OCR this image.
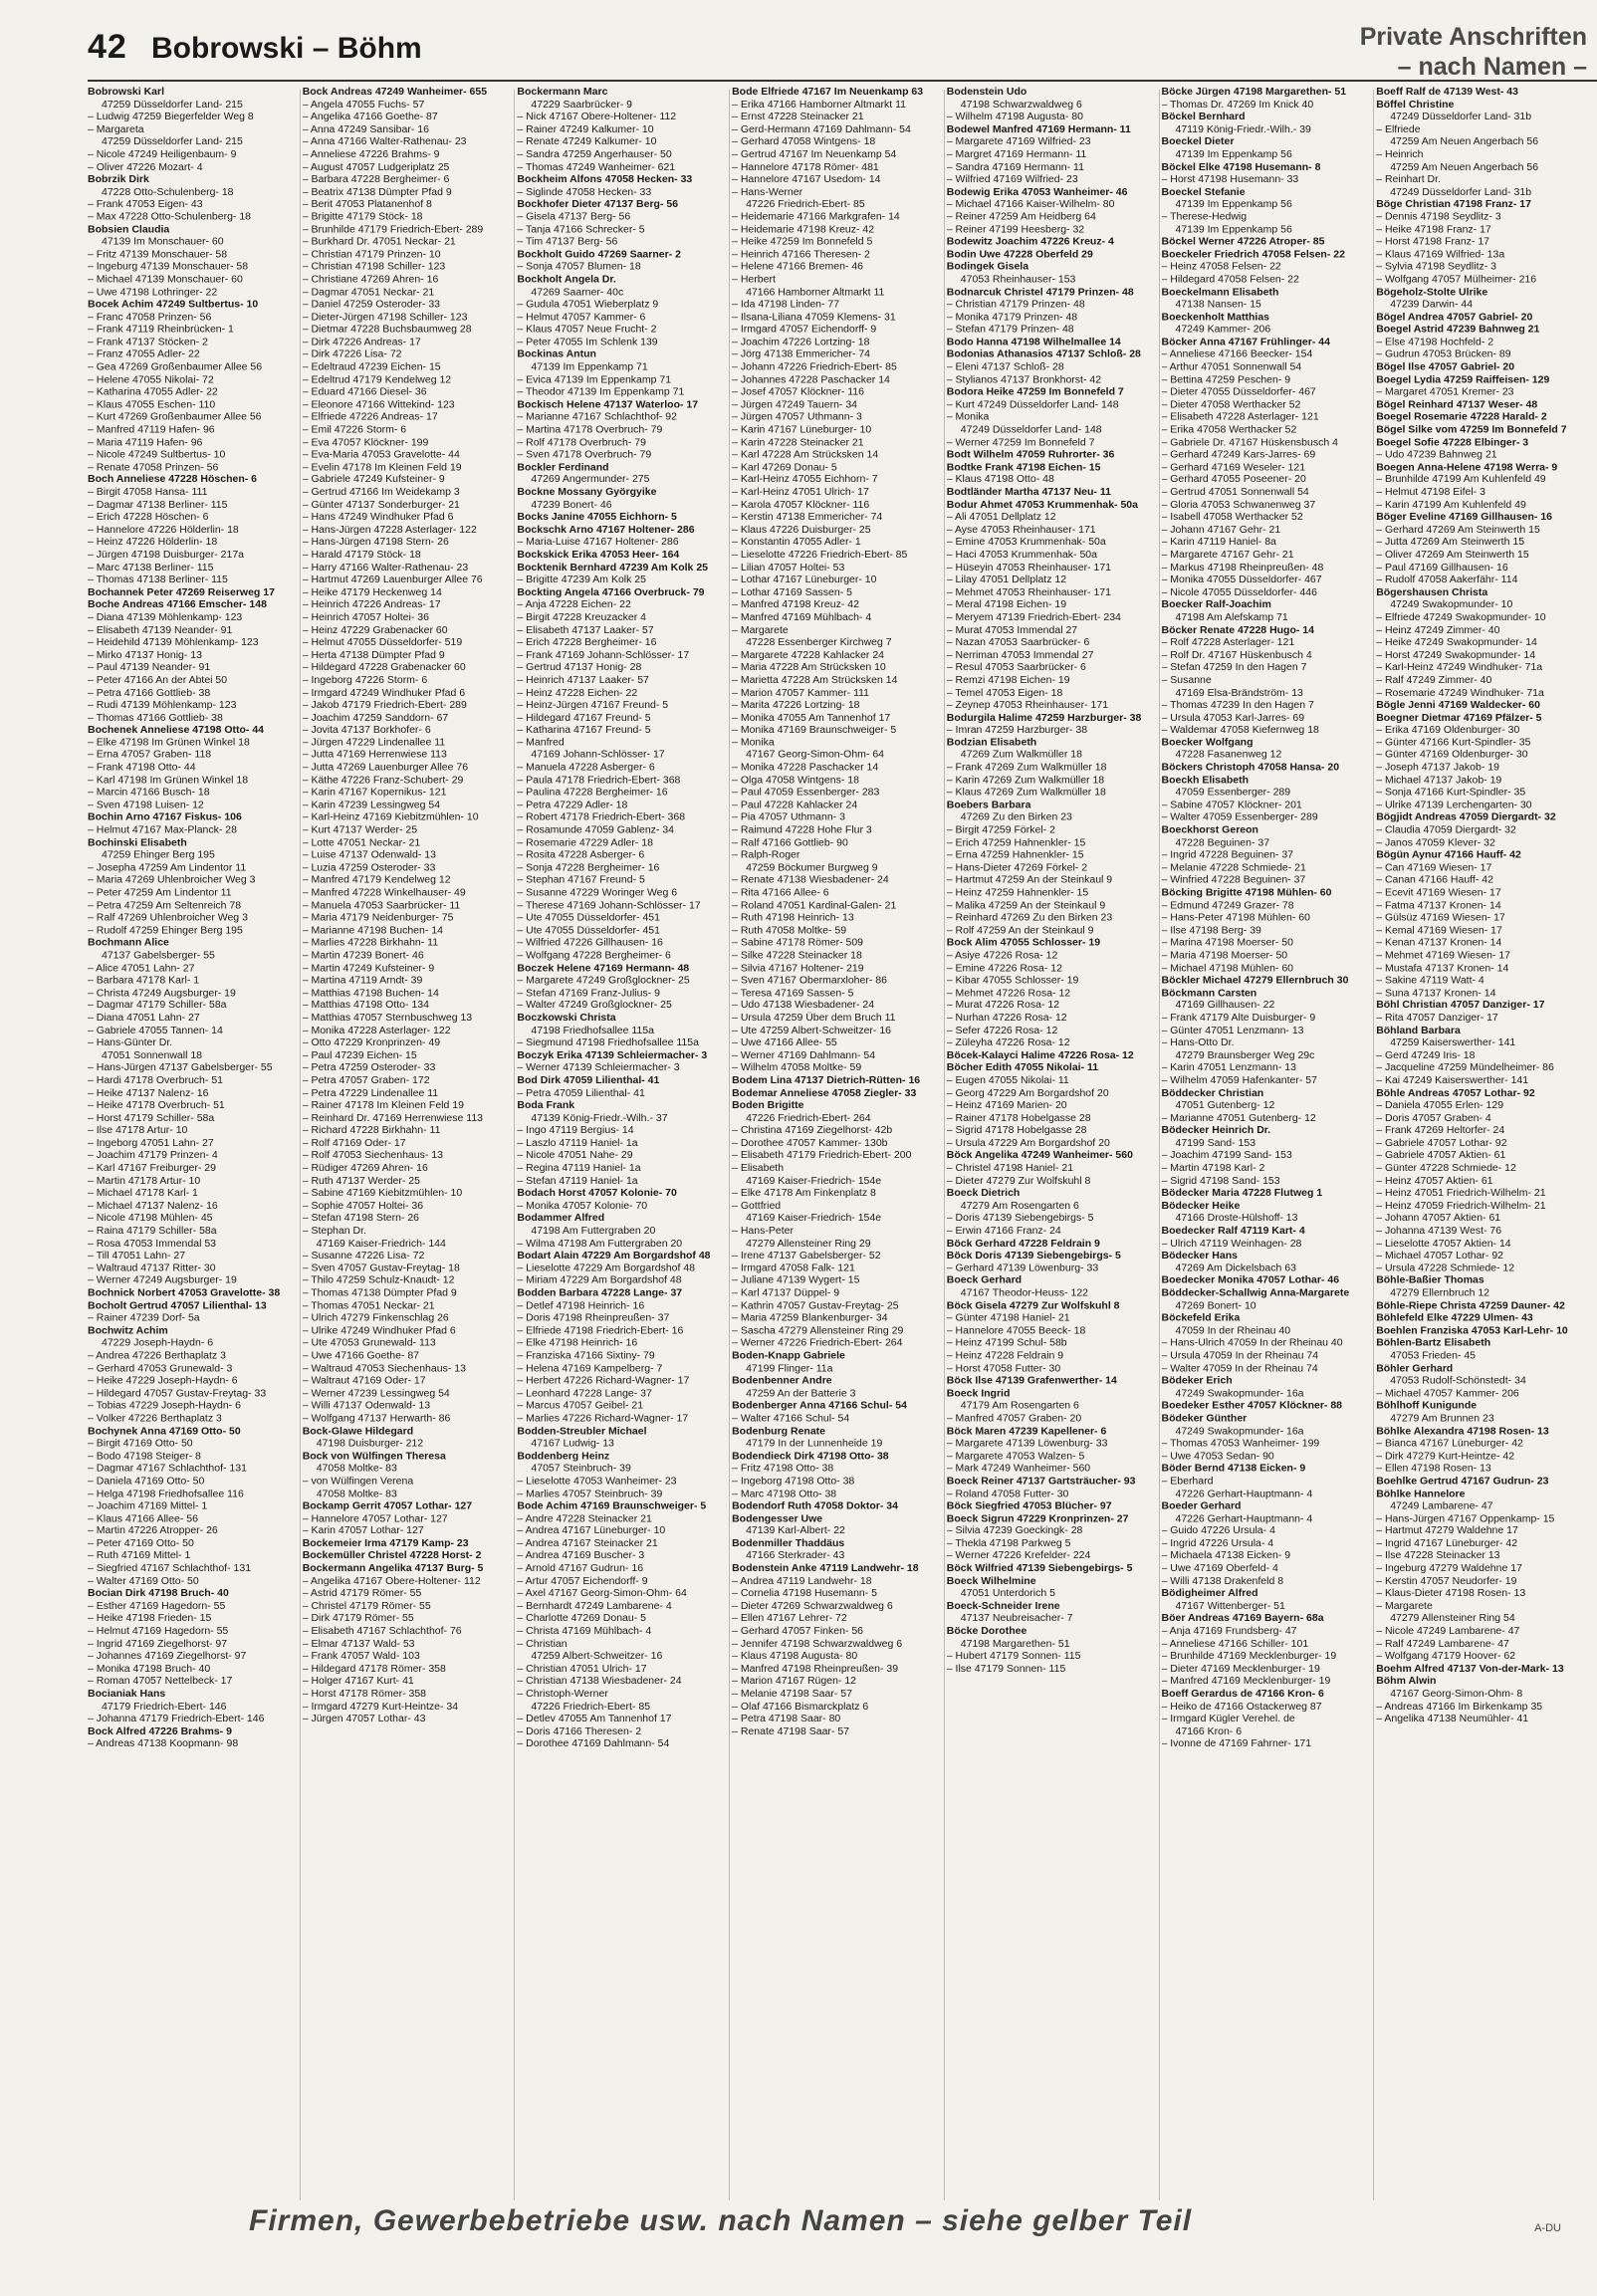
42 Bobrowski – Böhm	Private Anschriften
– nach Namen –
Bobrowski Karl
47259 Düsseldorfer Land- 215
– Ludwig 47259 Biegerfelder Weg 8
– Margareta
47259 Düsseldorfer Land- 215
– Nicole 47249 Heiligenbaum- 9
– Oliver 47226 Mozart- 4
Bobrzik Dirk
47228 Otto-Schulenberg- 18
– Frank 47053 Eigen- 43
– Max 47228 Otto-Schulenberg- 18
Bobsien Claudia
47139 Im Monschauer- 60
– Fritz 47139 Monschauer- 58
– Ingeburg 47139 Monschauer- 58
– Michael 47139 Monschauer- 60
– Uwe 47198 Lothringer- 22
Bocek Achim 47249 Sultbertus- 10
– Franc 47058 Prinzen- 56
– Frank 47119 Rheinbrücken- 1
– Frank 47137 Stöcken- 2
– Franz 47055 Adler- 22
– Gea 47269 Großenbaumer Allee 56
– Helene 47055 Nikolai- 72
– Katharina 47055 Adler- 22
– Klaus 47055 Eschen- 110
– Kurt 47269 Großenbaumer Allee 56
– Manfred 47119 Hafen- 96
– Maria 47119 Hafen- 96
– Nicole 47249 Sultbertus- 10
– Renate 47058 Prinzen- 56
Boch Anneliese 47228 Höschen- 6
– Birgit 47058 Hansa- 111
– Dagmar 47138 Berliner- 115
– Erich 47228 Höschen- 6
– Hannelore 47226 Hölderlin- 18
– Heinz 47226 Hölderlin- 18
– Jürgen 47198 Duisburger- 217a
– Marc 47138 Berliner- 115
– Thomas 47138 Berliner- 115
Bochannek Peter 47269 Reiserweg 17
Boche Andreas 47166 Emscher- 148
– Diana 47139 Möhlenkamp- 123
– Elisabeth 47139 Neander- 91
– Heidehild 47139 Möhlenkamp- 123
– Mirko 47137 Honig- 13
– Paul 47139 Neander- 91
– Peter 47166 An der Abtei 50
– Petra 47166 Gottlieb- 38
– Rudi 47139 Möhlenkamp- 123
– Thomas 47166 Gottlieb- 38
Bochenek Anneliese 47198 Otto- 44
– Elke 47198 Im Grünen Winkel 18
– Erna 47057 Graben- 118
– Frank 47198 Otto- 44
– Karl 47198 Im Grünen Winkel 18
– Marcin 47166 Busch- 18
– Sven 47198 Luisen- 12
Bochin Arno 47167 Fiskus- 106
– Helmut 47167 Max-Planck- 28
Bochinski Elisabeth
47259 Ehinger Berg 195
– Josepha 47259 Am Lindentor 11
– Maria 47269 Uhlenbroicher Weg 3
– Peter 47259 Am Lindentor 11
– Petra 47259 Am Seltenreich 78
– Ralf 47269 Uhlenbroicher Weg 3
– Rudolf 47259 Ehinger Berg 195
Bochmann Alice
47137 Gabelsberger- 55
– Alice 47051 Lahn- 27
– Barbara 47178 Karl- 1
– Christa 47249 Augsburger- 19
– Dagmar 47179 Schiller- 58a
– Diana 47051 Lahn- 27
– Gabriele 47055 Tannen- 14
– Hans-Günter Dr.
47051 Sonnenwall 18
– Hans-Jürgen 47137 Gabelsberger- 55
– Hardi 47178 Overbruch- 51
– Heike 47137 Nalenz- 16
– Heike 47178 Overbruch- 51
– Horst 47179 Schiller- 58a
– Ilse 47178 Artur- 10
– Ingeborg 47051 Lahn- 27
– Joachim 47179 Prinzen- 4
– Karl 47167 Freiburger- 29
– Martin 47178 Artur- 10
– Michael 47178 Karl- 1
– Michael 47137 Nalenz- 16
– Nicole 47198 Mühlen- 45
– Raina 47179 Schiller- 58a
– Rosa 47053 Immendal 53
– Till 47051 Lahn- 27
– Waltraud 47137 Ritter- 30
– Werner 47249 Augsburger- 19
Bochnick Norbert 47053 Gravelotte- 38
Bocholt Gertrud 47057 Lilienthal- 13
– Rainer 47239 Dorf- 5a
Bochwitz Achim
47229 Joseph-Haydn- 6
– Andrea 47226 Berthaplatz 3
– Gerhard 47053 Grunewald- 3
– Heike 47229 Joseph-Haydn- 6
– Hildegard 47057 Gustav-Freytag- 33
– Tobias 47229 Joseph-Haydn- 6
– Volker 47226 Berthaplatz 3
Bochynek Anna 47169 Otto- 50
– Birgit 47169 Otto- 50
– Bodo 47198 Steiger- 8
– Dagmar 47167 Schlachthof- 131
– Daniela 47169 Otto- 50
– Helga 47198 Friedhofsallee 116
– Joachim 47169 Mittel- 1
– Klaus 47166 Allee- 56
– Martin 47226 Atropper- 26
– Peter 47169 Otto- 50
– Ruth 47169 Mittel- 1
– Siegfried 47167 Schlachthof- 131
– Walter 47169 Otto- 50
Bocian Dirk 47198 Bruch- 40
– Esther 47169 Hagedorn- 55
– Heike 47198 Frieden- 15
– Helmut 47169 Hagedorn- 55
– Ingrid 47169 Ziegelhorst- 97
– Johannes 47169 Ziegelhorst- 97
– Monika 47198 Bruch- 40
– Roman 47057 Nettelbeck- 17
Bocianiak Hans
47179 Friedrich-Ebert- 146
– Johanna 47179 Friedrich-Ebert- 146
Bock Alfred 47226 Brahms- 9
– Andreas 47138 Koopmann- 98
Bock Andreas 47249 Wanheimer- 655
– Angela 47055 Fuchs- 57
– Angelika 47166 Goethe- 87
– Anna 47249 Sansibar- 16
– Anna 47166 Walter-Rathenau- 23
– Anneliese 47226 Brahms- 9
– August 47057 Ludgeriplatz 25
– Barbara 47228 Bergheimer- 6
– Beatrix 47138 Dümpter Pfad 9
– Berit 47053 Platanenhof 8
– Brigitte 47179 Stöck- 18
– Brunhilde 47179 Friedrich-Ebert- 289
– Burkhard Dr. 47051 Neckar- 21
– Christian 47179 Prinzen- 10
– Christian 47198 Schiller- 123
– Christiane 47269 Ahren- 16
– Dagmar 47051 Neckar- 21
– Daniel 47259 Osteroder- 33
– Dieter-Jürgen 47198 Schiller- 123
– Dietmar 47228 Buchsbaumweg 28
– Dirk 47226 Andreas- 17
– Dirk 47226 Lisa- 72
– Edeltraud 47239 Eichen- 15
– Edeltrud 47179 Kendelweg 12
– Eduard 47166 Diesel- 36
– Eleonore 47166 Wittekind- 123
– Elfriede 47226 Andreas- 17
– Emil 47226 Storm- 6
– Eva 47057 Klöckner- 199
– Eva-Maria 47053 Gravelotte- 44
– Evelin 47178 Im Kleinen Feld 19
– Gabriele 47249 Kufsteiner- 9
– Gertrud 47166 Im Weidekamp 3
– Günter 47137 Sonderburger- 21
– Hans 47249 Windhuker Pfad 6
– Hans-Jürgen 47228 Asterlager- 122
– Hans-Jürgen 47198 Stern- 26
– Harald 47179 Stöck- 18
– Harry 47166 Walter-Rathenau- 23
– Hartmut 47269 Lauenburger Allee 76
– Heike 47179 Heckenweg 14
– Heinrich 47226 Andreas- 17
– Heinrich 47057 Holtei- 36
– Heinz 47229 Grabenacker 60
– Helmut 47055 Düsseldorfer- 519
– Herta 47138 Dümpter Pfad 9
– Hildegard 47228 Grabenacker 60
– Ingeborg 47226 Storm- 6
– Irmgard 47249 Windhuker Pfad 6
– Jakob 47179 Friedrich-Ebert- 289
– Joachim 47259 Sanddorn- 67
– Jovita 47137 Borkhofer- 6
– Jürgen 47229 Lindenallee 11
– Jutta 47169 Herrenwiese 113
– Jutta 47269 Lauenburger Allee 76
– Käthe 47226 Franz-Schubert- 29
– Karin 47167 Kopernikus- 121
– Karin 47239 Lessingweg 54
– Karl-Heinz 47169 Kiebitzmühlen- 10
– Kurt 47137 Werder- 25
– Lotte 47051 Neckar- 21
– Luise 47137 Odenwald- 13
– Luzia 47259 Osteroder- 33
– Manfred 47179 Kendelweg 12
– Manfred 47228 Winkelhauser- 49
– Manuela 47053 Saarbrücker- 11
– Maria 47179 Neidenburger- 75
– Marianne 47198 Buchen- 14
– Marlies 47228 Birkhahn- 11
– Martin 47239 Bonert- 46
– Martin 47249 Kufsteiner- 9
– Martina 47119 Arndt- 39
– Matthias 47198 Buchen- 14
– Matthias 47198 Otto- 134
– Matthias 47057 Sternbuschweg 13
– Monika 47228 Asterlager- 122
– Otto 47229 Kronprinzen- 49
– Paul 47239 Eichen- 15
– Petra 47259 Osteroder- 33
– Petra 47057 Graben- 172
– Petra 47229 Lindenallee 11
– Rainer 47178 Im Kleinen Feld 19
– Reinhard Dr. 47169 Herrenwiese 113
– Richard 47228 Birkhahn- 11
– Rolf 47169 Oder- 17
– Rolf 47053 Siechenhaus- 13
– Rüdiger 47269 Ahren- 16
– Ruth 47137 Werder- 25
– Sabine 47169 Kiebitzmühlen- 10
– Sophie 47057 Holtei- 36
– Stefan 47198 Stern- 26
– Stephan Dr.
47169 Kaiser-Friedrich- 144
– Susanne 47226 Lisa- 72
– Sven 47057 Gustav-Freytag- 18
– Thilo 47259 Schulz-Knaudt- 12
– Thomas 47138 Dümpter Pfad 9
– Thomas 47051 Neckar- 21
– Ulrich 47279 Finkenschlag 26
– Ulrike 47249 Windhuker Pfad 6
– Ute 47053 Grunewald- 113
– Uwe 47166 Goethe- 87
– Waltraud 47053 Siechenhaus- 13
– Waltraut 47169 Oder- 17
– Werner 47239 Lessingweg 54
– Willi 47137 Odenwald- 13
– Wolfgang 47137 Herwarth- 86
Bock-Glawe Hildegard
47198 Duisburger- 212
Bock von Wülfingen Theresa
47058 Moltke- 83
– von Wülfingen Verena
47058 Moltke- 83
Bockamp Gerrit 47057 Lothar- 127
– Hannelore 47057 Lothar- 127
– Karin 47057 Lothar- 127
Bockemeier Irma 47179 Kamp- 23
Bockemüller Christel 47228 Horst- 2
Bockermann Angelika 47137 Burg- 5
– Angelika 47167 Obere-Holtener- 112
– Astrid 47179 Römer- 55
– Christel 47179 Römer- 55
– Dirk 47179 Römer- 55
– Elisabeth 47167 Schlachthof- 76
– Elmar 47137 Wald- 53
– Frank 47057 Wald- 103
– Hildegard 47178 Römer- 358
– Holger 47167 Kurt- 41
– Horst 47178 Römer- 358
– Irmgard 47279 Kurt-Heintze- 34
– Jürgen 47057 Lothar- 43
Bockermann Marc
47229 Saarbrücker- 9
– Nick 47167 Obere-Holtener- 112
– Rainer 47249 Kalkumer- 10
– Renate 47249 Kalkumer- 10
– Sandra 47259 Angerhauser- 50
– Thomas 47249 Wanheimer- 621
Bockheim Alfons 47058 Hecken- 33
– Siglinde 47058 Hecken- 33
Bockhofer Dieter 47137 Berg- 56
– Gisela 47137 Berg- 56
– Tanja 47166 Schrecker- 5
– Tim 47137 Berg- 56
Bockholt Guido 47269 Saarner- 2
– Sonja 47057 Blumen- 18
Bockholt Angela Dr.
47269 Saarner- 40c
– Gudula 47051 Wieberplatz 9
– Helmut 47057 Kammer- 6
– Klaus 47057 Neue Frucht- 2
– Peter 47055 Im Schlenk 139
Bockinas Antun
47139 Im Eppenkamp 71
– Evica 47139 Im Eppenkamp 71
– Theodor 47139 Im Eppenkamp 71
Bockisch Helene 47137 Waterloo- 17
– Marianne 47167 Schlachthof- 92
– Martina 47178 Overbruch- 79
– Rolf 47178 Overbruch- 79
– Sven 47178 Overbruch- 79
Bockler Ferdinand
47269 Angermunder- 275
Bockne Mossany Györgyike
47239 Bonert- 46
Bocks Janine 47055 Eichhorn- 5
Bockschk Arno 47167 Holtener- 286
– Maria-Luise 47167 Holtener- 286
Bockskick Erika 47053 Heer- 164
Bocktenik Bernhard 47239 Am Kolk 25
– Brigitte 47239 Am Kolk 25
Bockting Angela 47166 Overbruck- 79
– Anja 47228 Eichen- 22
– Birgit 47228 Kreuzacker 4
– Elisabeth 47137 Laaker- 57
– Erich 47228 Bergheimer- 16
– Frank 47169 Johann-Schlösser- 17
– Gertrud 47137 Honig- 28
– Heinrich 47137 Laaker- 57
– Heinz 47228 Eichen- 22
– Heinz-Jürgen 47167 Freund- 5
– Hildegard 47167 Freund- 5
– Katharina 47167 Freund- 5
– Manfred
47169 Johann-Schlösser- 17
– Manuela 47228 Asberger- 6
– Paula 47178 Friedrich-Ebert- 368
– Paulina 47228 Bergheimer- 16
– Petra 47229 Adler- 18
– Robert 47178 Friedrich-Ebert- 368
– Rosamunde 47059 Gablenz- 34
– Rosemarie 47229 Adler- 18
– Rosita 47228 Asberger- 6
– Sonja 47228 Bergheimer- 16
– Stephan 47167 Freund- 5
– Susanne 47229 Woringer Weg 6
– Therese 47169 Johann-Schlösser- 17
– Ute 47055 Düsseldorfer- 451
– Ute 47055 Düsseldorfer- 451
– Wilfried 47226 Gillhausen- 16
– Wolfgang 47228 Bergheimer- 6
Boczek Helene 47169 Hermann- 48
– Margarete 47249 Großglockner- 25
– Stefan 47169 Franz-Julius- 9
– Walter 47249 Großglockner- 25
Boczkowski Christa
47198 Friedhofsallee 115a
– Siegmund 47198 Friedhofsallee 115a
Boczyk Erika 47139 Schleiermacher- 3
– Werner 47139 Schleiermacher- 3
Bod Dirk 47059 Lilienthal- 41
– Petra 47059 Lilienthal- 41
Boda Frank
47139 König-Friedr.-Wilh.- 37
– Ingo 47119 Bergius- 14
– Laszlo 47119 Haniel- 1a
– Nicole 47051 Nahe- 29
– Regina 47119 Haniel- 1a
– Stefan 47119 Haniel- 1a
Bodach Horst 47057 Kolonie- 70
– Monika 47057 Kolonie- 70
Bodammer Alfred
47198 Am Futtergraben 20
– Wilma 47198 Am Futtergraben 20
Bodart Alain 47229 Am Borgardshof 48
– Lieselotte 47229 Am Borgardshof 48
– Miriam 47229 Am Borgardshof 48
Bodden Barbara 47228 Lange- 37
– Detlef 47198 Heinrich- 16
– Doris 47198 Rheinpreußen- 37
– Elfriede 47198 Friedrich-Ebert- 16
– Elke 47198 Heinrich- 16
– Franziska 47166 Sixtiny- 79
– Helena 47169 Kampelberg- 7
– Herbert 47226 Richard-Wagner- 17
– Leonhard 47228 Lange- 37
– Marcus 47057 Geibel- 21
– Marlies 47226 Richard-Wagner- 17
Bodden-Streubler Michael
47167 Ludwig- 13
Boddenberg Heinz
47057 Steinbruch- 39
– Lieselotte 47053 Wanheimer- 23
– Marlies 47057 Steinbruch- 39
Bode Achim 47169 Braunschweiger- 5
– Andre 47228 Steinacker 21
– Andrea 47167 Lüneburger- 10
– Andrea 47167 Steinacker 21
– Andrea 47169 Buscher- 3
– Arnold 47167 Gudrun- 16
– Artur 47057 Eichendorff- 9
– Axel 47167 Georg-Simon-Ohm- 64
– Bernhardt 47249 Lambarene- 4
– Charlotte 47269 Donau- 5
– Christa 47169 Mühlbach- 4
– Christian
47259 Albert-Schweitzer- 16
– Christian 47051 Ulrich- 17
– Christian 47138 Wiesbadener- 24
– Christoph-Werner
47226 Friedrich-Ebert- 85
– Detlev 47055 Am Tannenhof 17
– Doris 47166 Theresen- 2
– Dorothee 47169 Dahlmann- 54
Bode Elfriede 47167 Im Neuenkamp 63
– Erika 47166 Hamborner Altmarkt 11
– Ernst 47228 Steinacker 21
– Gerd-Hermann 47169 Dahlmann- 54
– Gerhard 47058 Wintgens- 18
– Gertrud 47167 Im Neuenkamp 54
– Hannelore 47178 Römer- 481
– Hannelore 47167 Usedom- 14
– Hans-Werner
47226 Friedrich-Ebert- 85
– Heidemarie 47166 Markgrafen- 14
– Heidemarie 47198 Kreuz- 42
– Heike 47259 Im Bonnefeld 5
– Heinrich 47166 Theresen- 2
– Helene 47166 Bremen- 46
– Herbert
47166 Hamborner Altmarkt 11
– Ida 47198 Linden- 77
– Ilsana-Liliana 47059 Klemens- 31
– Irmgard 47057 Eichendorff- 9
– Joachim 47226 Lortzing- 18
– Jörg 47138 Emmericher- 74
– Johann 47226 Friedrich-Ebert- 85
– Johannes 47228 Paschacker 14
– Josef 47057 Klöckner- 116
– Jürgen 47249 Tauern- 34
– Jürgen 47057 Uthmann- 3
– Karin 47167 Lüneburger- 10
– Karin 47228 Steinacker 21
– Karl 47228 Am Strücksken 14
– Karl 47269 Donau- 5
– Karl-Heinz 47055 Eichhorn- 7
– Karl-Heinz 47051 Ulrich- 17
– Karola 47057 Klöckner- 116
– Kerstin 47138 Emmericher- 74
– Klaus 47226 Duisburger- 25
– Konstantin 47055 Adler- 1
– Lieselotte 47226 Friedrich-Ebert- 85
– Lilian 47057 Holtei- 53
– Lothar 47167 Lüneburger- 10
– Lothar 47169 Sassen- 5
– Manfred 47198 Kreuz- 42
– Manfred 47169 Mühlbach- 4
– Margarete
47228 Essenberger Kirchweg 7
– Margarete 47228 Kahlacker 24
– Maria 47228 Am Strücksken 10
– Marietta 47228 Am Strücksken 14
– Marion 47057 Kammer- 111
– Marita 47226 Lortzing- 18
– Monika 47055 Am Tannenhof 17
– Monika 47169 Braunschweiger- 5
– Monika
47167 Georg-Simon-Ohm- 64
– Monika 47228 Paschacker 14
– Olga 47058 Wintgens- 18
– Paul 47059 Essenberger- 283
– Paul 47228 Kahlacker 24
– Pia 47057 Uthmann- 3
– Raimund 47228 Hohe Flur 3
– Ralf 47166 Gottlieb- 90
– Ralph-Roger
47259 Böckumer Burgweg 9
– Renate 47138 Wiesbadener- 24
– Rita 47166 Allee- 6
– Roland 47051 Kardinal-Galen- 21
– Ruth 47198 Heinrich- 13
– Ruth 47058 Moltke- 59
– Sabine 47178 Römer- 509
– Silke 47228 Steinacker 18
– Silvia 47167 Holtener- 219
– Sven 47167 Obermarxloher- 86
– Teresa 47169 Sassen- 5
– Udo 47138 Wiesbadener- 24
– Ursula 47259 Über dem Bruch 11
– Ute 47259 Albert-Schweitzer- 16
– Uwe 47166 Allee- 55
– Werner 47169 Dahlmann- 54
– Wilhelm 47058 Moltke- 59
Bodem Lina 47137 Dietrich-Rütten- 16
Bodemar Anneliese 47058 Ziegler- 33
Boden Brigitte
47226 Friedrich-Ebert- 264
– Christina 47169 Ziegelhorst- 42b
– Dorothee 47057 Kammer- 130b
– Elisabeth 47179 Friedrich-Ebert- 200
– Elisabeth
47169 Kaiser-Friedrich- 154e
– Elke 47178 Am Finkenplatz 8
– Gottfried
47169 Kaiser-Friedrich- 154e
– Hans-Peter
47279 Allensteiner Ring 29
– Irene 47137 Gabelsberger- 52
– Irmgard 47058 Falk- 121
– Juliane 47139 Wygert- 15
– Karl 47137 Düppel- 9
– Kathrin 47057 Gustav-Freytag- 25
– Maria 47259 Blankenburger- 34
– Sascha 47279 Allensteiner Ring 29
– Werner 47226 Friedrich-Ebert- 264
Boden-Knapp Gabriele
47199 Flinger- 11a
Bodenbenner Andre
47259 An der Batterie 3
Bodenberger Anna 47166 Schul- 54
– Walter 47166 Schul- 54
Bodenburg Renate
47179 In der Lunnenheide 19
Bodendieck Dirk 47198 Otto- 38
– Fritz 47198 Otto- 38
– Ingeborg 47198 Otto- 38
– Marc 47198 Otto- 38
Bodendorf Ruth 47058 Doktor- 34
Bodengesser Uwe
47139 Karl-Albert- 22
Bodenmiller Thaddäus
47166 Sterkrader- 43
Bodenstein Anke 47119 Landwehr- 18
– Andrea 47119 Landwehr- 18
– Cornelia 47198 Husemann- 5
– Dieter 47269 Schwarzwaldweg 6
– Ellen 47167 Lehrer- 72
– Gerhard 47057 Finken- 56
– Jennifer 47198 Schwarzwaldweg 6
– Klaus 47198 Augusta- 80
– Manfred 47198 Rheinpreußen- 39
– Marion 47167 Rügen- 12
– Melanie 47198 Saar- 57
– Olaf 47166 Bismarckplatz 6
– Petra 47198 Saar- 80
– Renate 47198 Saar- 57
Bodenstein Udo
47198 Schwarzwaldweg 6
– Wilhelm 47198 Augusta- 80
Bodewel Manfred 47169 Hermann- 11
– Margarete 47169 Wilfried- 23
– Margret 47169 Hermann- 11
– Sandra 47169 Hermann- 11
– Wilfried 47169 Wilfried- 23
Bodewig Erika 47053 Wanheimer- 46
– Michael 47166 Kaiser-Wilhelm- 80
– Reiner 47259 Am Heidberg 64
– Reiner 47199 Heesberg- 32
Bodewitz Joachim 47226 Kreuz- 4
Bodin Uwe 47228 Oberfeld 29
Bodingek Gisela
47053 Rheinhauser- 153
Bodnarcuk Christel 47179 Prinzen- 48
– Christian 47179 Prinzen- 48
– Monika 47179 Prinzen- 48
– Stefan 47179 Prinzen- 48
Bodo Hanna 47198 Wilhelmallee 14
Bodonias Athanasios 47137 Schloß- 28
– Eleni 47137 Schloß- 28
– Stylianos 47137 Bronkhorst- 42
Bodora Heike 47259 Im Bonnefeld 7
– Kurt 47249 Düsseldorfer Land- 148
– Monika
47249 Düsseldorfer Land- 148
– Werner 47259 Im Bonnefeld 7
Bodt Wilhelm 47059 Ruhrorter- 36
Bodtke Frank 47198 Eichen- 15
– Klaus 47198 Otto- 48
Bodtländer Martha 47137 Neu- 11
Bodur Ahmet 47053 Krummenhak- 50a
– Ali 47051 Dellplatz 12
– Ayse 47053 Rheinhauser- 171
– Emine 47053 Krummenhak- 50a
– Haci 47053 Krummenhak- 50a
– Hüseyin 47053 Rheinhauser- 171
– Lilay 47051 Dellplatz 12
– Mehmet 47053 Rheinhauser- 171
– Meral 47198 Eichen- 19
– Meryem 47139 Friedrich-Ebert- 234
– Murat 47053 Immendal 27
– Nazan 47053 Saarbrücker- 6
– Nerriman 47053 Immendal 27
– Resul 47053 Saarbrücker- 6
– Remzi 47198 Eichen- 19
– Temel 47053 Eigen- 18
– Zeynep 47053 Rheinhauser- 171
Bodurgila Halime 47259 Harzburger- 38
– Imran 47259 Harzburger- 38
Bodzian Elisabeth
47269 Zum Walkmüller 18
– Frank 47269 Zum Walkmüller 18
– Karin 47269 Zum Walkmüller 18
– Klaus 47269 Zum Walkmüller 18
Boebers Barbara
47269 Zu den Birken 23
– Birgit 47259 Förkel- 2
– Erich 47259 Hahnenkler- 15
– Erna 47259 Hahnenkler- 15
– Hans-Dieter 47269 Förkel- 2
– Hartmut 47259 An der Steinkaul 9
– Heinz 47259 Hahnenkler- 15
– Malika 47259 An der Steinkaul 9
– Reinhard 47269 Zu den Birken 23
– Rolf 47259 An der Steinkaul 9
Bock Alim 47055 Schlosser- 19
– Asiye 47226 Rosa- 12
– Emine 47226 Rosa- 12
– Kibar 47055 Schlosser- 19
– Mehmet 47226 Rosa- 12
– Murat 47226 Rosa- 12
– Nurhan 47226 Rosa- 12
– Sefer 47226 Rosa- 12
– Züleyha 47226 Rosa- 12
Böcek-Kalayci Halime 47226 Rosa- 12
Böcher Edith 47055 Nikolai- 11
– Eugen 47055 Nikolai- 11
– Georg 47229 Am Borgardshof 20
– Heinz 47169 Marien- 20
– Rainer 47178 Hobelgasse 28
– Sigrid 47178 Hobelgasse 28
– Ursula 47229 Am Borgardshof 20
Böck Angelika 47249 Wanheimer- 560
– Christel 47198 Haniel- 21
– Dieter 47279 Zur Wolfskuhl 8
Boeck Dietrich
47279 Am Rosengarten 6
– Doris 47139 Siebengebirgs- 5
– Erwin 47166 Franz- 24
Böck Gerhard 47228 Feldrain 9
Böck Doris 47139 Siebengebirgs- 5
– Gerhard 47139 Löwenburg- 33
Boeck Gerhard
47167 Theodor-Heuss- 122
Böck Gisela 47279 Zur Wolfskuhl 8
– Günter 47198 Haniel- 21
– Hannelore 47055 Beeck- 18
– Heinz 47199 Schul- 58b
– Heinz 47228 Feldrain 9
– Horst 47058 Futter- 30
Böck Ilse 47139 Grafenwerther- 14
Boeck Ingrid
47179 Am Rosengarten 6
– Manfred 47057 Graben- 20
Böck Maren 47239 Kapellener- 6
– Margarete 47139 Löwenburg- 33
– Margarete 47053 Walzen- 5
– Mark 47249 Wanheimer- 560
Boeck Reiner 47137 Gartsträucher- 93
– Roland 47058 Futter- 30
Böck Siegfried 47053 Blücher- 97
Boeck Sigrun 47229 Kronprinzen- 27
– Silvia 47239 Goeckingk- 28
– Thekla 47198 Parkweg 5
– Werner 47226 Krefelder- 224
Böck Wilfried 47139 Siebengebirgs- 5
Boeck Wilhelmine
47051 Unterdorich 5
Boeck-Schneider Irene
47137 Neubreisacher- 7
Böcke Dorothee
47198 Margarethen- 51
– Hubert 47179 Sonnen- 115
– Ilse 47179 Sonnen- 115
Böcke Jürgen 47198 Margarethen- 51
– Thomas Dr. 47269 Im Knick 40
Böckel Bernhard
47119 König-Friedr.-Wilh.- 39
Boeckel Dieter
47139 Im Eppenkamp 56
Böckel Elke 47198 Husemann- 8
– Horst 47198 Husemann- 33
Boeckel Stefanie
47139 Im Eppenkamp 56
– Therese-Hedwig
47139 Im Eppenkamp 56
Böckel Werner 47226 Atroper- 85
Boeckeler Friedrich 47058 Felsen- 22
– Heinz 47058 Felsen- 22
– Hildegard 47058 Felsen- 22
Boeckelmann Elisabeth
47138 Nansen- 15
Boeckenholt Matthias
47249 Kammer- 206
Böcker Anna 47167 Frühlinger- 44
– Anneliese 47166 Beecker- 154
– Arthur 47051 Sonnenwall 54
– Bettina 47259 Peschen- 9
– Dieter 47055 Düsseldorfer- 467
– Dieter 47058 Werthacker 52
– Elisabeth 47228 Asterlager- 121
– Erika 47058 Werthacker 52
– Gabriele Dr. 47167 Hüskensbusch 4
– Gerhard 47249 Kars-Jarres- 69
– Gerhard 47169 Weseler- 121
– Gerhard 47055 Poseener- 20
– Gertrud 47051 Sonnenwall 54
– Gloria 47053 Schwanenweg 37
– Isabell 47058 Werthacker 52
– Johann 47167 Gehr- 21
– Karin 47119 Haniel- 8a
– Margarete 47167 Gehr- 21
– Markus 47198 Rheinpreußen- 48
– Monika 47055 Düsseldorfer- 467
– Nicole 47055 Düsseldorfer- 446
Boecker Ralf-Joachim
47198 Am Alefskamp 71
Böcker Renate 47228 Hugo- 14
– Rolf 47228 Asterlager- 121
– Rolf Dr. 47167 Hüskenbusch 4
– Stefan 47259 In den Hagen 7
– Susanne
47169 Elsa-Brändström- 13
– Thomas 47239 In den Hagen 7
– Ursula 47053 Karl-Jarres- 69
– Waldemar 47058 Kiefernweg 18
Boecker Wolfgang
47228 Fasanenweg 12
Böckers Christoph 47058 Hansa- 20
Boeckh Elisabeth
47059 Essenberger- 289
– Sabine 47057 Klöckner- 201
– Walter 47059 Essenberger- 289
Boeckhorst Gereon
47228 Beguinen- 37
– Ingrid 47228 Beguinen- 37
– Melanie 47228 Schmiede- 21
– Winfried 47228 Beguinen- 37
Böcking Brigitte 47198 Mühlen- 60
– Edmund 47249 Grazer- 78
– Hans-Peter 47198 Mühlen- 60
– Ilse 47198 Berg- 39
– Marina 47198 Moerser- 50
– Maria 47198 Moerser- 50
– Michael 47198 Mühlen- 60
Böckler Michael 47279 Ellernbruch 30
Böckmann Carsten
47169 Gillhausen- 22
– Frank 47179 Alte Duisburger- 9
– Günter 47051 Lenzmann- 13
– Hans-Otto Dr.
47279 Braunsberger Weg 29c
– Karin 47051 Lenzmann- 13
– Wilhelm 47059 Hafenkanter- 57
Böddecker Christian
47051 Gutenberg- 12
– Marianne 47051 Gutenberg- 12
Bödecker Heinrich Dr.
47199 Sand- 153
– Joachim 47199 Sand- 153
– Martin 47198 Karl- 2
– Sigrid 47198 Sand- 153
Bödecker Maria 47228 Flutweg 1
Bödecker Heike
47166 Droste-Hülshoff- 13
Boedecker Ralf 47119 Kart- 4
– Ulrich 47119 Weinhagen- 28
Bödecker Hans
47269 Am Dickelsbach 63
Boedecker Monika 47057 Lothar- 46
Böddecker-Schallwig Anna-Margarete
47269 Bonert- 10
Böckefeld Erika
47059 In der Rheinau 40
– Hans-Ulrich 47059 In der Rheinau 40
– Ursula 47059 In der Rheinau 74
– Walter 47059 In der Rheinau 74
Bödeker Erich
47249 Swakopmunder- 16a
Boedeker Esther 47057 Klöckner- 88
Bödeker Günther
47249 Swakopmunder- 16a
– Thomas 47053 Wanheimer- 199
– Uwe 47053 Sedan- 90
Böder Bernd 47138 Eicken- 9
– Eberhard
47226 Gerhart-Hauptmann- 4
Boeder Gerhard
47226 Gerhart-Hauptmann- 4
– Guido 47226 Ursula- 4
– Ingrid 47226 Ursula- 4
– Michaela 47138 Eicken- 9
– Uwe 47169 Oberfeld- 4
– Willi 47138 Drakenfeld 8
Bödigheimer Alfred
47167 Wittenberger- 51
Böer Andreas 47169 Bayern- 68a
– Anja 47169 Frundsberg- 47
– Anneliese 47166 Schiller- 101
– Brunhilde 47169 Mecklenburger- 19
– Dieter 47169 Mecklenburger- 19
– Manfred 47169 Mecklenburger- 19
Boeff Gerardus de 47166 Kron- 6
– Heiko de 47166 Ostackerweg 87
– Irmgard Kügler Verehel. de
47166 Kron- 6
– Ivonne de 47169 Fahrner- 171
Boeff Ralf de 47139 West- 43
Böffel Christine
47249 Düsseldorfer Land- 31b
– Elfriede
47259 Am Neuen Angerbach 56
– Heinrich
47259 Am Neuen Angerbach 56
– Reinhart Dr.
47249 Düsseldorfer Land- 31b
Böge Christian 47198 Franz- 17
– Dennis 47198 Seydlitz- 3
– Heike 47198 Franz- 17
– Horst 47198 Franz- 17
– Klaus 47169 Wilfried- 13a
– Sylvia 47198 Seydlitz- 3
– Wolfgang 47057 Mülheimer- 216
Bögeholz-Stolte Ulrike
47239 Darwin- 44
Bögel Andrea 47057 Gabriel- 20
Boegel Astrid 47239 Bahnweg 21
– Else 47198 Hochfeld- 2
– Gudrun 47053 Brücken- 89
Bögel Ilse 47057 Gabriel- 20
Boegel Lydia 47259 Raiffeisen- 129
– Margaret 47051 Kremer- 23
Bögel Reinhard 47137 Weser- 48
Boegel Rosemarie 47228 Harald- 2
Bögel Silke vom 47259 Im Bonnefeld 7
Boegel Sofie 47228 Elbinger- 3
– Udo 47239 Bahnweg 21
Boegen Anna-Helene 47198 Werra- 9
– Brunhilde 47199 Am Kuhlenfeld 49
– Helmut 47198 Eifel- 3
– Karin 47199 Am Kuhlenfeld 49
Böger Eveline 47169 Gillhausen- 16
– Gerhard 47269 Am Steinwerth 15
– Jutta 47269 Am Steinwerth 15
– Oliver 47269 Am Steinwerth 15
– Paul 47169 Gillhausen- 16
– Rudolf 47058 Aakerfähr- 114
Bögershausen Christa
47249 Swakopmunder- 10
– Elfriede 47249 Swakopmunder- 10
– Heinz 47249 Zimmer- 40
– Heike 47249 Swakopmunder- 14
– Horst 47249 Swakopmunder- 14
– Karl-Heinz 47249 Windhuker- 71a
– Ralf 47249 Zimmer- 40
– Rosemarie 47249 Windhuker- 71a
Bögle Jenni 47169 Waldecker- 60
Boegner Dietmar 47169 Pfälzer- 5
– Erika 47169 Oldenburger- 30
– Günter 47166 Kurt-Spindler- 35
– Günter 47169 Oldenburger- 30
– Joseph 47137 Jakob- 19
– Michael 47137 Jakob- 19
– Sonja 47166 Kurt-Spindler- 35
– Ulrike 47139 Lerchengarten- 30
Bögjidt Andreas 47059 Diergardt- 32
– Claudia 47059 Diergardt- 32
– Janos 47059 Klever- 32
Bögün Aynur 47166 Hauff- 42
– Can 47169 Wiesen- 17
– Canan 47166 Hauff- 42
– Ecevit 47169 Wiesen- 17
– Fatma 47137 Kronen- 14
– Gülsüz 47169 Wiesen- 17
– Kemal 47169 Wiesen- 17
– Kenan 47137 Kronen- 14
– Mehmet 47169 Wiesen- 17
– Mustafa 47137 Kronen- 14
– Sakine 47119 Watt- 4
– Suna 47137 Kronen- 14
Böhl Christian 47057 Danziger- 17
– Rita 47057 Danziger- 17
Böhland Barbara
47259 Kaiserswerther- 141
– Gerd 47249 Iris- 18
– Jacqueline 47259 Mündelheimer- 86
– Kai 47249 Kaiserswerther- 141
Böhle Andreas 47057 Lothar- 92
– Daniela 47055 Erlen- 129
– Doris 47057 Graben- 4
– Frank 47269 Heltorfer- 24
– Gabriele 47057 Lothar- 92
– Gabriele 47057 Aktien- 61
– Günter 47228 Schmiede- 12
– Heinz 47057 Aktien- 61
– Heinz 47051 Friedrich-Wilhelm- 21
– Heinz 47059 Friedrich-Wilhelm- 21
– Johann 47057 Aktien- 61
– Johanna 47139 West- 76
– Lieselotte 47057 Aktien- 14
– Michael 47057 Lothar- 92
– Ursula 47228 Schmiede- 12
Böhle-Baßier Thomas
47279 Ellernbruch 12
Böhle-Riepe Christa 47259 Dauner- 42
Böhlefeld Elke 47229 Ulmen- 43
Boehlen Franziska 47053 Karl-Lehr- 10
Böhlen-Bartz Elisabeth
47053 Frieden- 45
Böhler Gerhard
47053 Rudolf-Schönstedt- 34
– Michael 47057 Kammer- 206
Böhlhoff Kunigunde
47279 Am Brunnen 23
Böhlke Alexandra 47198 Rosen- 13
– Bianca 47167 Lüneburger- 42
– Dirk 47279 Kurt-Heintze- 42
– Ellen 47198 Rosen- 13
Boehlke Gertrud 47167 Gudrun- 23
Böhlke Hannelore
47249 Lambarene- 47
– Hans-Jürgen 47167 Oppenkamp- 15
– Hartmut 47279 Waldehne 17
– Ingrid 47167 Lüneburger- 42
– Ilse 47228 Steinacker 13
– Ingeburg 47279 Waldehne 17
– Kerstin 47057 Neudorfer- 19
– Klaus-Dieter 47198 Rosen- 13
– Margarete
47279 Allensteiner Ring 54
– Nicole 47249 Lambarene- 47
– Ralf 47249 Lambarene- 47
– Wolfgang 47179 Hoover- 62
Boehm Alfred 47137 Von-der-Mark- 13
Böhm Alwin
47167 Georg-Simon-Ohm- 8
– Andreas 47166 Im Birkenkamp 35
– Angelika 47138 Neumühler- 41
Firmen, Gewerbebetriebe usw. nach Namen – siehe gelber Teil	A-DU
